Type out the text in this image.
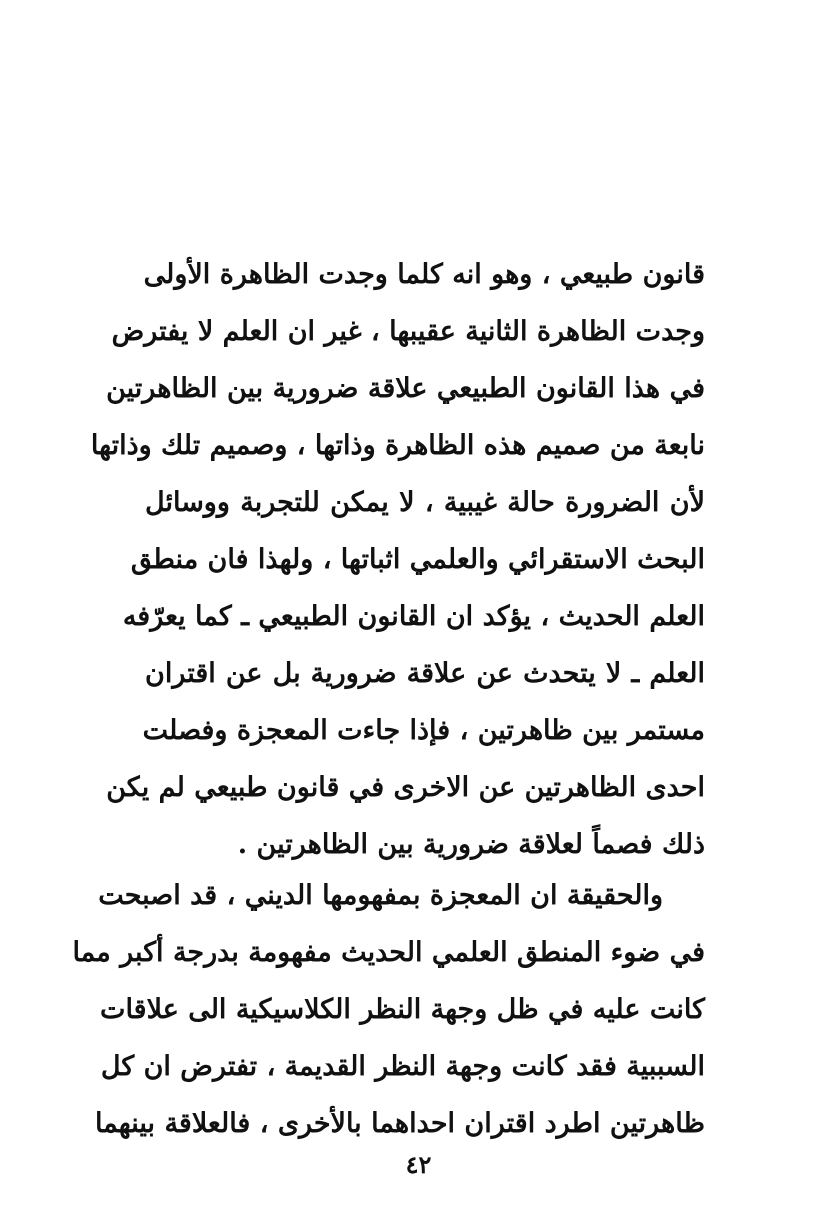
قانون طبيعي ، وهو انه كلما وجدت الظاهرة الأولى
وجدت الظاهرة الثانية عقيبها ، غير ان العلم لا يفترض
في هذا القانون الطبيعي علاقة ضرورية بين الظاهرتين
نابعة من صميم هذه الظاهرة وذاتها ، وصميم تلك وذاتها
لأن الضرورة حالة غيبية ، لا يمكن للتجربة ووسائل
البحث الاستقرائي والعلمي اثباتها ، ولهذا فان منطق
العلم الحديث ، يؤكد ان القانون الطبيعي ـ كما يعرّفه
العلم ـ لا يتحدث عن علاقة ضرورية بل عن اقتران
مستمر بين ظاهرتين ، فإذا جاءت المعجزة وفصلت
احدى الظاهرتين عن الاخرى في قانون طبيعي لم يكن
ذلك فصماً لعلاقة ضرورية بين الظاهرتين .
والحقيقة ان المعجزة بمفهومها الديني ، قد اصبحت
في ضوء المنطق العلمي الحديث مفهومة بدرجة أكبر مما
كانت عليه في ظل وجهة النظر الكلاسيكية الى علاقات
السببية فقد كانت وجهة النظر القديمة ، تفترض ان كل
ظاهرتين اطرد اقتران احداهما بالأخرى ، فالعلاقة بينهما
٤٢
